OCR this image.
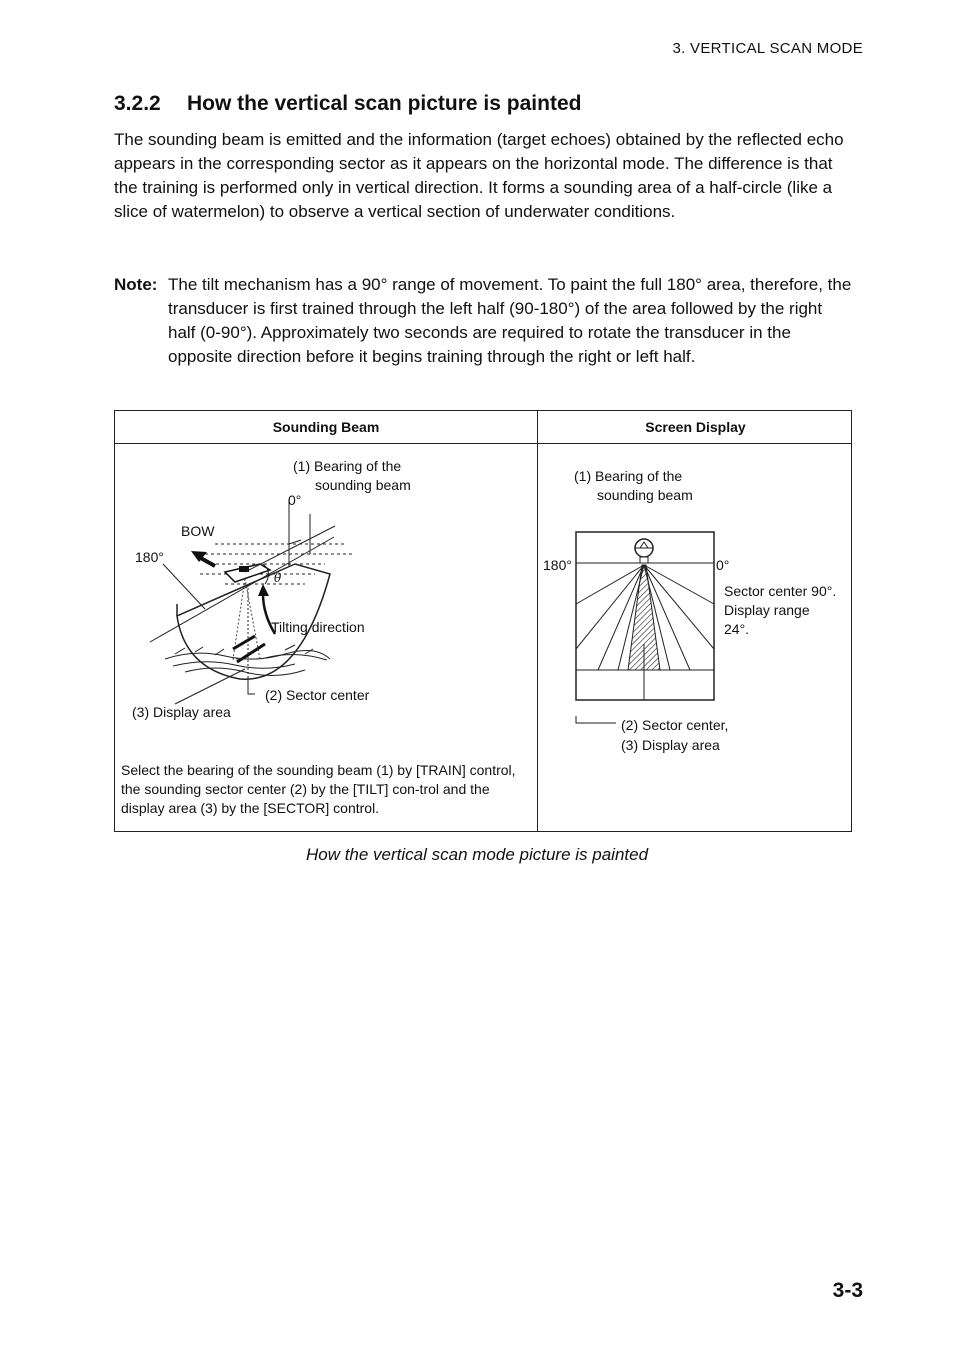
3. VERTICAL SCAN MODE
3.2.2 How the vertical scan picture is painted

The sounding beam is emitted and the information (target echoes) obtained by the reflected echo appears in the corresponding sector as it appears on the horizontal mode. The difference is that the training is performed only in vertical direction. It forms a sounding area of a half-circle (like a slice of watermelon) to observe a vertical section of underwater conditions.

Note: The tilt mechanism has a 90° range of movement. To paint the full 180° area, therefore, the transducer is first trained through the left half (90-180°) of the area followed by the right half (0-90°). Approximately two seconds are required to rotate the transducer in the opposite direction before it begins training through the right or left half.
Sounding Beam	Screen Display
(1) Bearing of the
sounding beam
0°
BOW
180°
θ
Tilting direction
(2) Sector center
(3) Display area
Select the bearing of the sounding beam (1) by [TRAIN] control, the sounding sector center (2) by the [TILT] con-trol and the display area (3) by the [SECTOR] control.
(1) Bearing of the
sounding beam
180°	0°
Sector center 90°.
Display range
24°.
(2) Sector center,
(3) Display area
How the vertical scan mode picture is painted
3-3
